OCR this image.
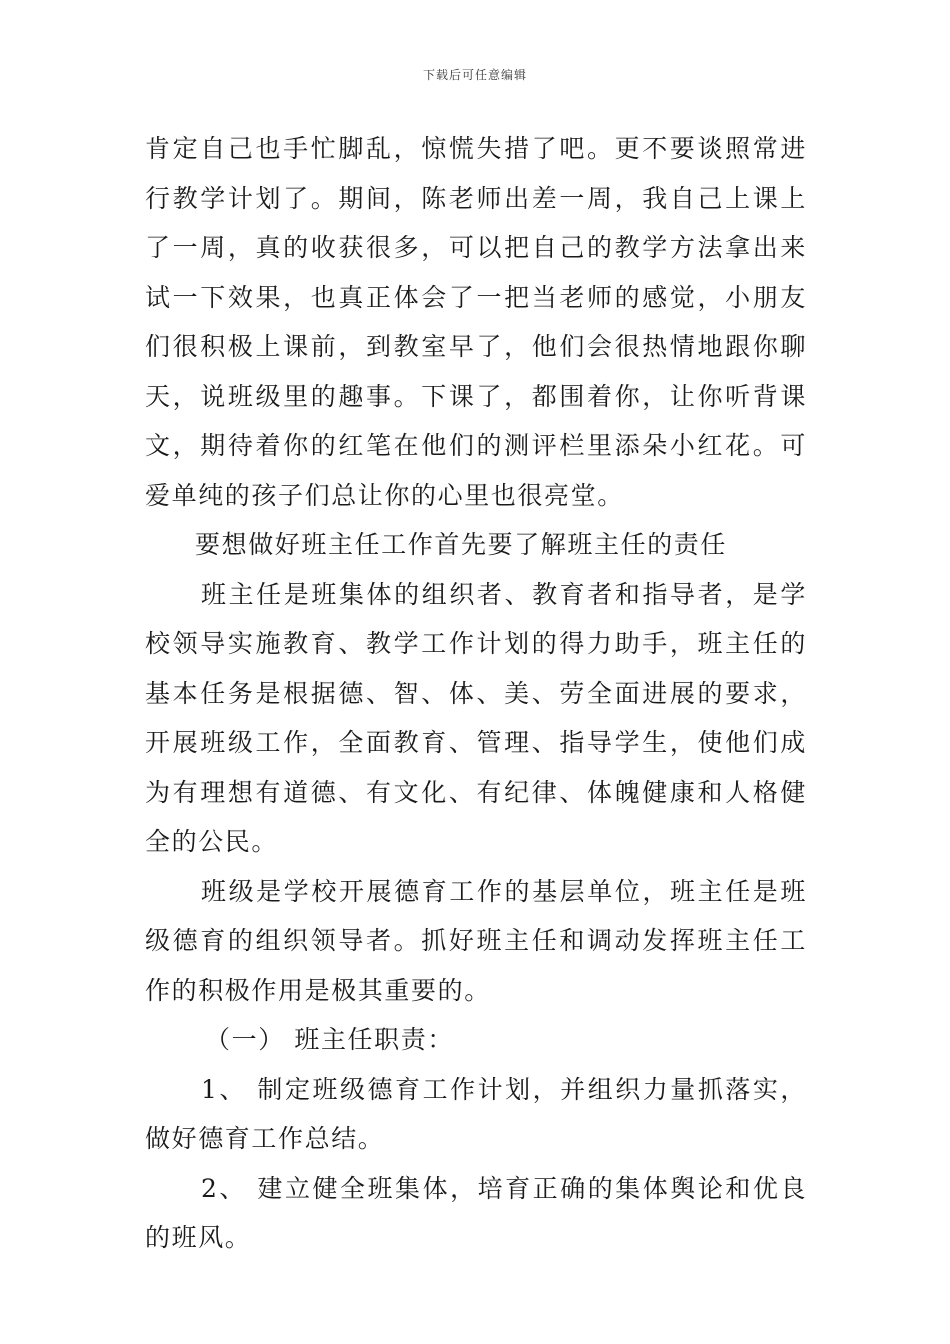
下载后可任意编辑

肯定自己也手忙脚乱，惊慌失措了吧。更不要谈照常进行教学计划了。期间，陈老师出差一周，我自己上课上了一周，真的收获很多，可以把自己的教学方法拿出来试一下效果，也真正体会了一把当老师的感觉，小朋友们很积极上课前，到教室早了，他们会很热情地跟你聊天，说班级里的趣事。下课了，都围着你，让你听背课文，期待着你的红笔在他们的测评栏里添朵小红花。可爱单纯的孩子们总让你的心里也很亮堂。

要想做好班主任工作首先要了解班主任的责任

班主任是班集体的组织者、教育者和指导者，是学校领导实施教育、教学工作计划的得力助手，班主任的基本任务是根据德、智、体、美、劳全面进展的要求，开展班级工作，全面教育、管理、指导学生，使他们成为有理想有道德、有文化、有纪律、体魄健康和人格健全的公民。

班级是学校开展德育工作的基层单位，班主任是班级德育的组织领导者。抓好班主任和调动发挥班主任工作的积极作用是极其重要的。

（一） 班主任职责：

1、 制定班级德育工作计划，并组织力量抓落实，做好德育工作总结。

2、 建立健全班集体，培育正确的集体舆论和优良的班风。
